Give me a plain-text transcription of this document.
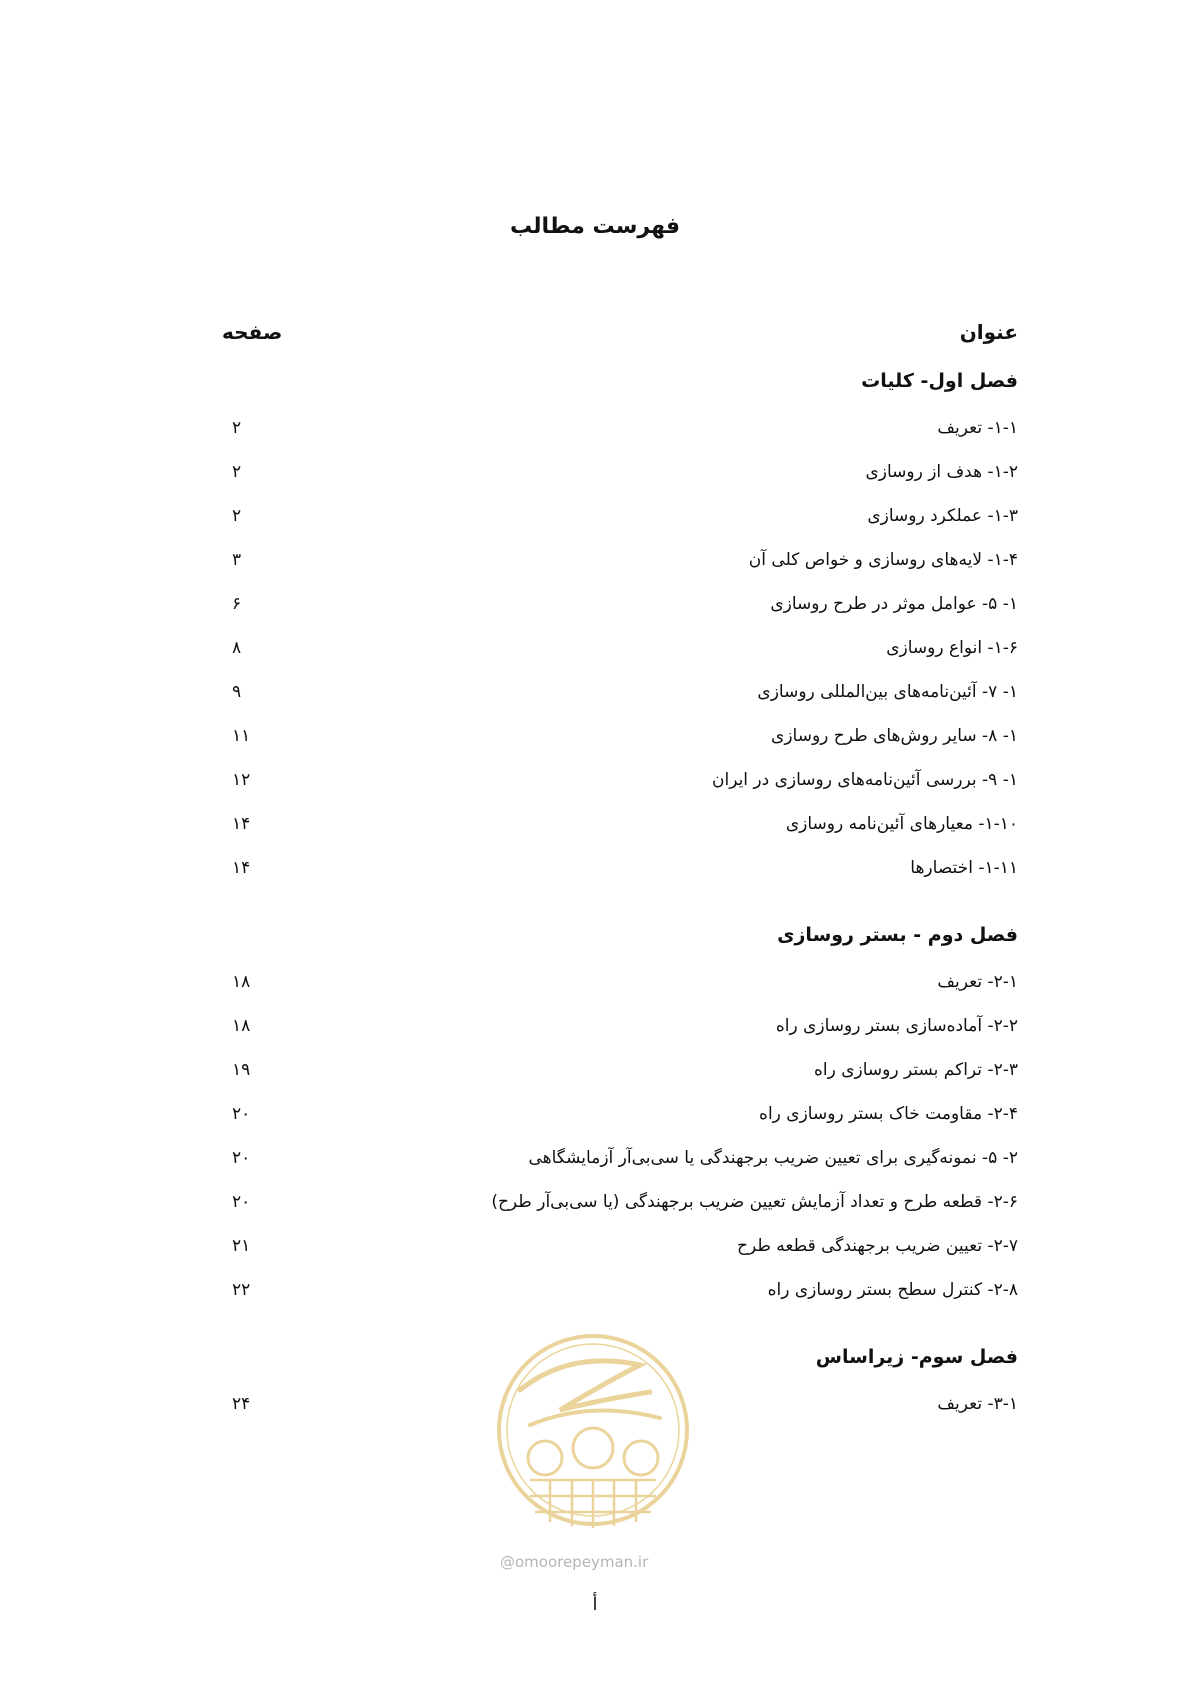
فهرست مطالب
عنوان
صفحه
فصل اول- کلیات
۱-۱- تعریف
۲
۱-۲- هدف از روسازی
۲
۱-۳- عملکرد روسازی
۲
۱-۴- لایه‌های روسازی و خواص کلی آن
۳
۱- ۵- عوامل موثر در طرح روسازی
۶
۱-۶- انواع روسازی
۸
۱- ۷- آئین‌نامه‌های بین‌المللی روسازی
۹
۱- ۸- سایر روش‌های طرح روسازی
۱۱
۱- ۹- بررسی آئین‌نامه‌های روسازی در ایران
۱۲
۱-۱۰- معیارهای آئین‌نامه روسازی
۱۴
۱-۱۱- اختصارها
۱۴
فصل دوم - بستر روسازی
۲-۱- تعریف
۱۸
۲-۲- آماده‌سازی بستر روسازی راه
۱۸
۲-۳- تراکم بستر روسازی راه
۱۹
۲-۴- مقاومت خاک بستر روسازی راه
۲۰
۲- ۵- نمونه‌گیری برای تعیین ضریب برجهندگی یا سی‌بی‌آر آزمایشگاهی
۲۰
۲-۶- قطعه طرح و تعداد آزمایش تعیین ضریب برجهندگی (یا سی‌بی‌آر طرح)
۲۰
۲-۷- تعیین ضریب برجهندگی قطعه طرح
۲۱
۲-۸- کنترل سطح بستر روسازی راه
۲۲
فصل سوم- زیراساس
۳-۱- تعریف
۲۴
@omoorepeyman.ir
أ
